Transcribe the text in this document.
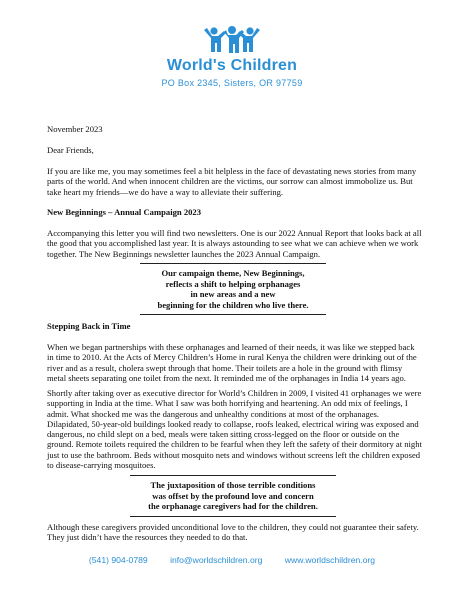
World's Children
PO Box 2345, Sisters, OR 97759
November 2023
Dear Friends,
If you are like me, you may sometimes feel a bit helpless in the face of devastating news stories from many parts of the world. And when innocent children are the victims, our sorrow can almost immobolize us. But take heart my friends—we do have a way to alleviate their suffering.
New Beginnings – Annual Campaign 2023
Accompanying this letter you will find two newsletters. One is our 2022 Annual Report that looks back at all the good that you accomplished last year. It is always astounding to see what we can achieve when we work together. The New Beginnings newsletter launches the 2023 Annual Campaign.
Our campaign theme, New Beginnings,
reflects a shift to helping orphanages
in new areas and a new
beginning for the children who live there.
Stepping Back in Time
When we began partnerships with these orphanages and learned of their needs, it was like we stepped back in time to 2010. At the Acts of Mercy Children’s Home in rural Kenya the children were drinking out of the river and as a result, cholera swept through that home. Their toilets are a hole in the ground with flimsy metal sheets separating one toilet from the next. It reminded me of the orphanages in India 14 years ago.
Shortly after taking over as executive director for World’s Children in 2009, I visited 41 orphanages we were supporting in India at the time. What I saw was both horrifying and heartening. An odd mix of feelings, I admit. What shocked me was the dangerous and unhealthy conditions at most of the orphanages. Dilapidated, 50-year-old buildings looked ready to collapse, roofs leaked, electrical wiring was exposed and dangerous, no child slept on a bed, meals were taken sitting cross-legged on the floor or outside on the ground. Remote toilets required the children to be fearful when they left the safety of their dormitory at night just to use the bathroom. Beds without mosquito nets and windows without screens left the children exposed to disease-carrying mosquitoes.
The juxtaposition of those terrible conditions
was offset by the profound love and concern
the orphanage caregivers had for the children.
Although these caregivers provided unconditional love to the children, they could not guarantee their safety. They just didn’t have the resources they needed to do that.
(541) 904-0789	info@worldschildren.org	www.worldschildren.org
